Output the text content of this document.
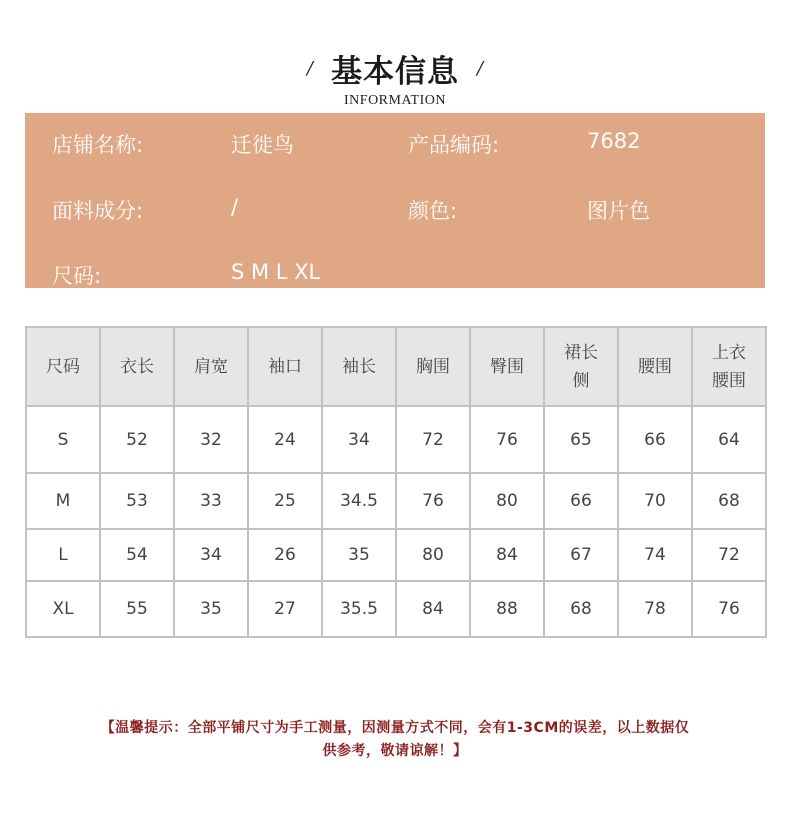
/ 基本信息 /
INFORMATION
店铺名称:	迁徙鸟	产品编码:	7682
面料成分:	/	颜色:	图片色
尺码:	S M L XL
尺码	衣长	肩宽	袖口	袖长	胸围	臀围	裙长侧	腰围	上衣腰围
S	52	32	24	34	72	76	65	66	64
M	53	33	25	34.5	76	80	66	70	68
L	54	34	26	35	80	84	67	74	72
XL	55	35	27	35.5	84	88	68	78	76
【温馨提示：全部平铺尺寸为手工测量，因测量方式不同，会有1-3CM的误差，以上数据仅
供参考，敬请谅解！】
